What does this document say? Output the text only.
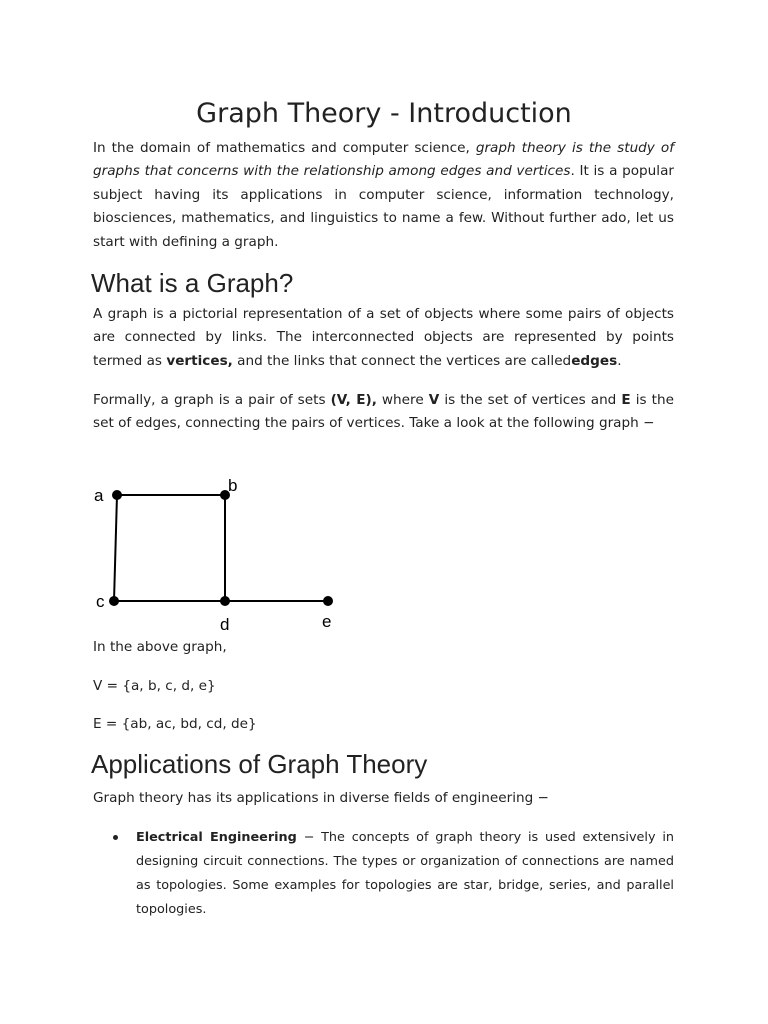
Graph Theory - Introduction

In the domain of mathematics and computer science, graph theory is the study of graphs that concerns with the relationship among edges and vertices. It is a popular subject having its applications in computer science, information technology, biosciences, mathematics, and linguistics to name a few. Without further ado, let us start with defining a graph.

What is a Graph?

A graph is a pictorial representation of a set of objects where some pairs of objects are connected by links. The interconnected objects are represented by points termed as vertices, and the links that connect the vertices are callededges.

Formally, a graph is a pair of sets (V, E), where V is the set of vertices and E is the set of edges, connecting the pairs of vertices. Take a look at the following graph −

a
b
c
d	e

In the above graph,

V = {a, b, c, d, e}

E = {ab, ac, bd, cd, de}

Applications of Graph Theory

Graph theory has its applications in diverse fields of engineering −

Electrical Engineering − The concepts of graph theory is used extensively in designing circuit connections. The types or organization of connections are named as topologies. Some examples for topologies are star, bridge, series, and parallel topologies.
